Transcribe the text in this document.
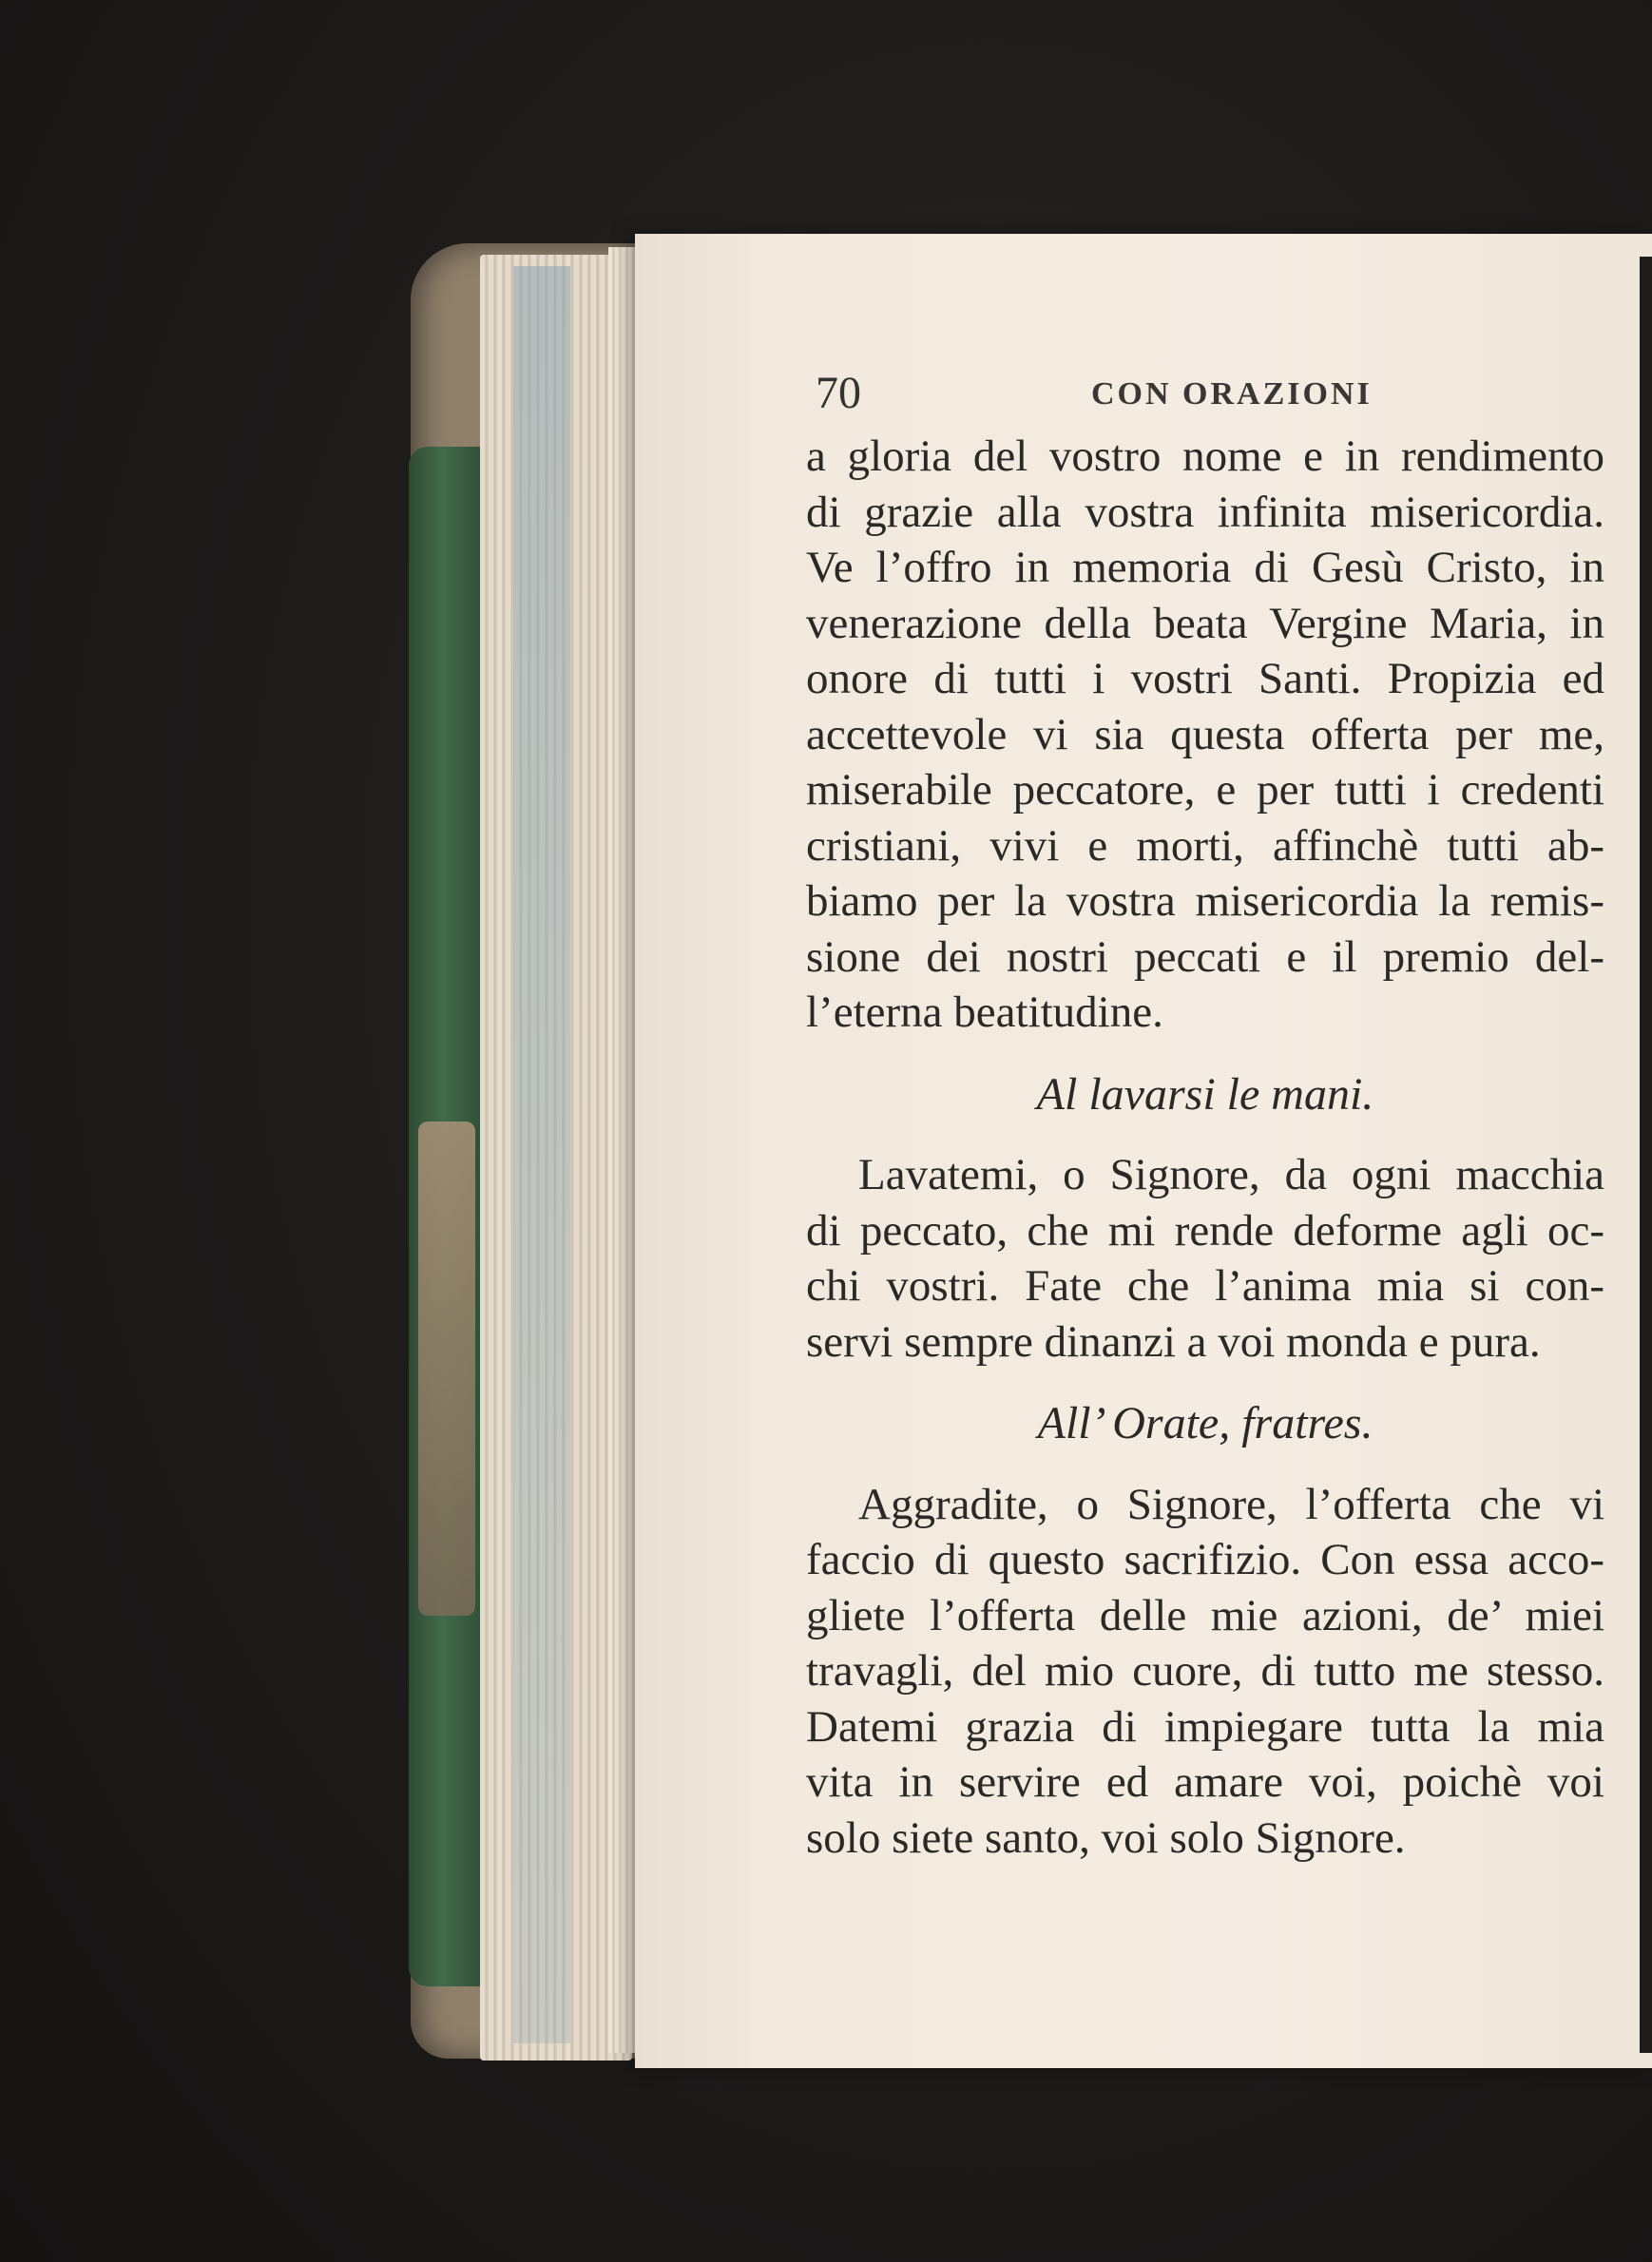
70	CON ORAZIONI
a gloria del vostro nome e in rendimento
di grazie alla vostra infinita misericordia.
Ve l’offro in memoria di Gesù Cristo, in
venerazione della beata Vergine Maria, in
onore di tutti i vostri Santi. Propizia ed
accettevole vi sia questa offerta per me,
miserabile peccatore, e per tutti i credenti
cristiani, vivi e morti, affinchè tutti ab-
biamo per la vostra misericordia la remis-
sione dei nostri peccati e il premio del-
l’eterna beatitudine.
Al lavarsi le mani.
Lavatemi, o Signore, da ogni macchia
di peccato, che mi rende deforme agli oc-
chi vostri. Fate che l’anima mia si con-
servi sempre dinanzi a voi monda e pura.
All’ Orate, fratres.
Aggradite, o Signore, l’offerta che vi
faccio di questo sacrifizio. Con essa acco-
gliete l’offerta delle mie azioni, de’ miei
travagli, del mio cuore, di tutto me stesso.
Datemi grazia di impiegare tutta la mia
vita in servire ed amare voi, poichè voi
solo siete santo, voi solo Signore.
